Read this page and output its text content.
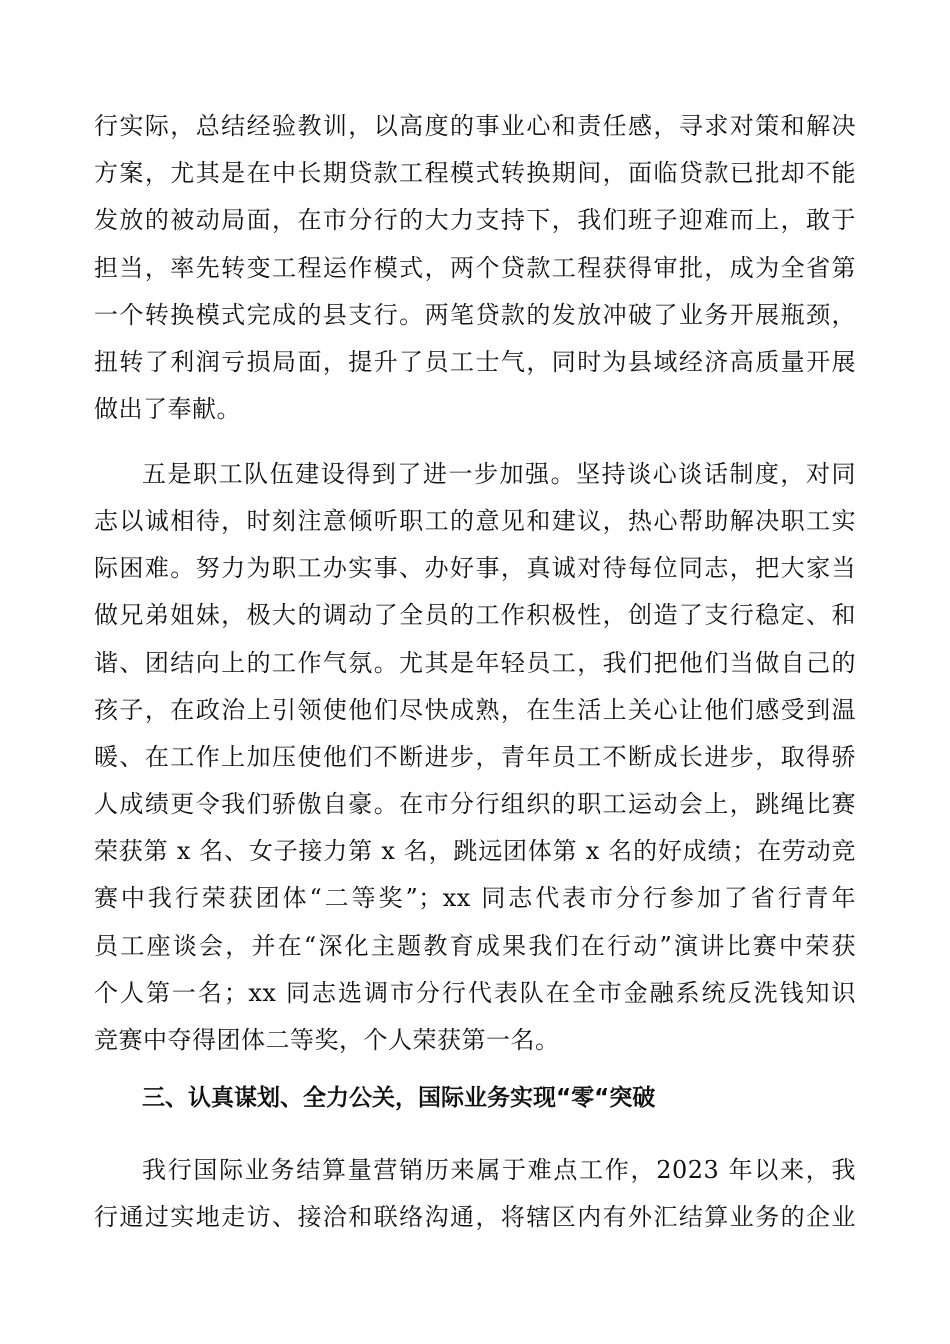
行实际，总结经验教训，以高度的事业心和责任感，寻求对策和解决
方案，尤其是在中长期贷款工程模式转换期间，面临贷款已批却不能
发放的被动局面，在市分行的大力支持下，我们班子迎难而上，敢于
担当，率先转变工程运作模式，两个贷款工程获得审批，成为全省第
一个转换模式完成的县支行。两笔贷款的发放冲破了业务开展瓶颈，
扭转了利润亏损局面，提升了员工士气，同时为县域经济高质量开展
做出了奉献。
五是职工队伍建设得到了进一步加强。坚持谈心谈话制度，对同
志以诚相待，时刻注意倾听职工的意见和建议，热心帮助解决职工实
际困难。努力为职工办实事、办好事，真诚对待每位同志，把大家当
做兄弟姐妹，极大的调动了全员的工作积极性，创造了支行稳定、和
谐、团结向上的工作气氛。尤其是年轻员工，我们把他们当做自己的
孩子，在政治上引领使他们尽快成熟，在生活上关心让他们感受到温
暖、在工作上加压使他们不断进步，青年员工不断成长进步，取得骄
人成绩更令我们骄傲自豪。在市分行组织的职工运动会上，跳绳比赛
荣获第 x 名、女子接力第 x 名，跳远团体第 x 名的好成绩；在劳动竞
赛中我行荣获团体“二等奖”；xx 同志代表市分行参加了省行青年
员工座谈会，并在“深化主题教育成果我们在行动”演讲比赛中荣获
个人第一名；xx 同志选调市分行代表队在全市金融系统反洗钱知识
竞赛中夺得团体二等奖，个人荣获第一名。
三、认真谋划、全力公关，国际业务实现“零“突破
我行国际业务结算量营销历来属于难点工作，2023 年以来，我
行通过实地走访、接洽和联络沟通，将辖区内有外汇结算业务的企业
